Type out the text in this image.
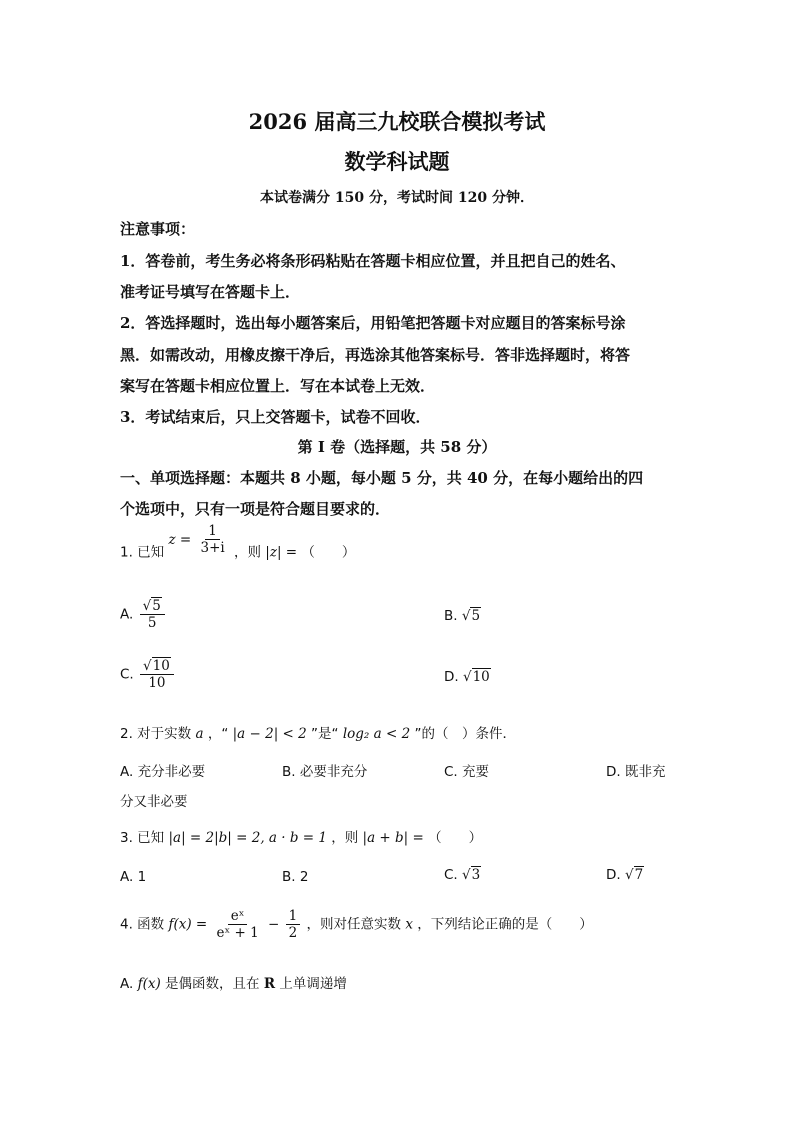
2026 届高三九校联合模拟考试
数学科试题
本试卷满分 150 分，考试时间 120 分钟．
注意事项：
1．答卷前，考生务必将条形码粘贴在答题卡相应位置，并且把自己的姓名、
准考证号填写在答题卡上．
2．答选择题时，选出每小题答案后，用铅笔把答题卡对应题目的答案标号涂
黑．如需改动，用橡皮擦干净后，再选涂其他答案标号．答非选择题时，将答
案写在答题卡相应位置上．写在本试卷上无效．
3．考试结束后，只上交答题卡，试卷不回收．
第 I 卷（选择题，共 58 分）
一、单项选择题：本题共 8 小题，每小题 5 分，共 40 分，在每小题给出的四
个选项中，只有一项是符合题目要求的．
1. 已知 $z = \frac{1}{3+i}$ ，则 |z| = （　　）
A. $\frac{√5}{5}$	B. √5
C. $\frac{√10}{10}$	D. √10
2. 对于实数 a ，“ |a − 2| < 2 ”是“ log₂ a < 2 ”的（　）条件．
A. 充分非必要	B. 必要非充分	C. 充要	D. 既非充
分又非必要
3. 已知 |a| = 2|b| = 2, a · b = 1 ，则 |a + b| = （　　）
A. 1	B. 2	C. √3	D. √7
4. 函数 $f(x) = \frac{\text{eˣ}}{\text{eˣ + 1}} - \frac{1}{2}$ ，则对任意实数 x ，下列结论正确的是（　　）
A. f(x) 是偶函数，且在 R 上单调递增
